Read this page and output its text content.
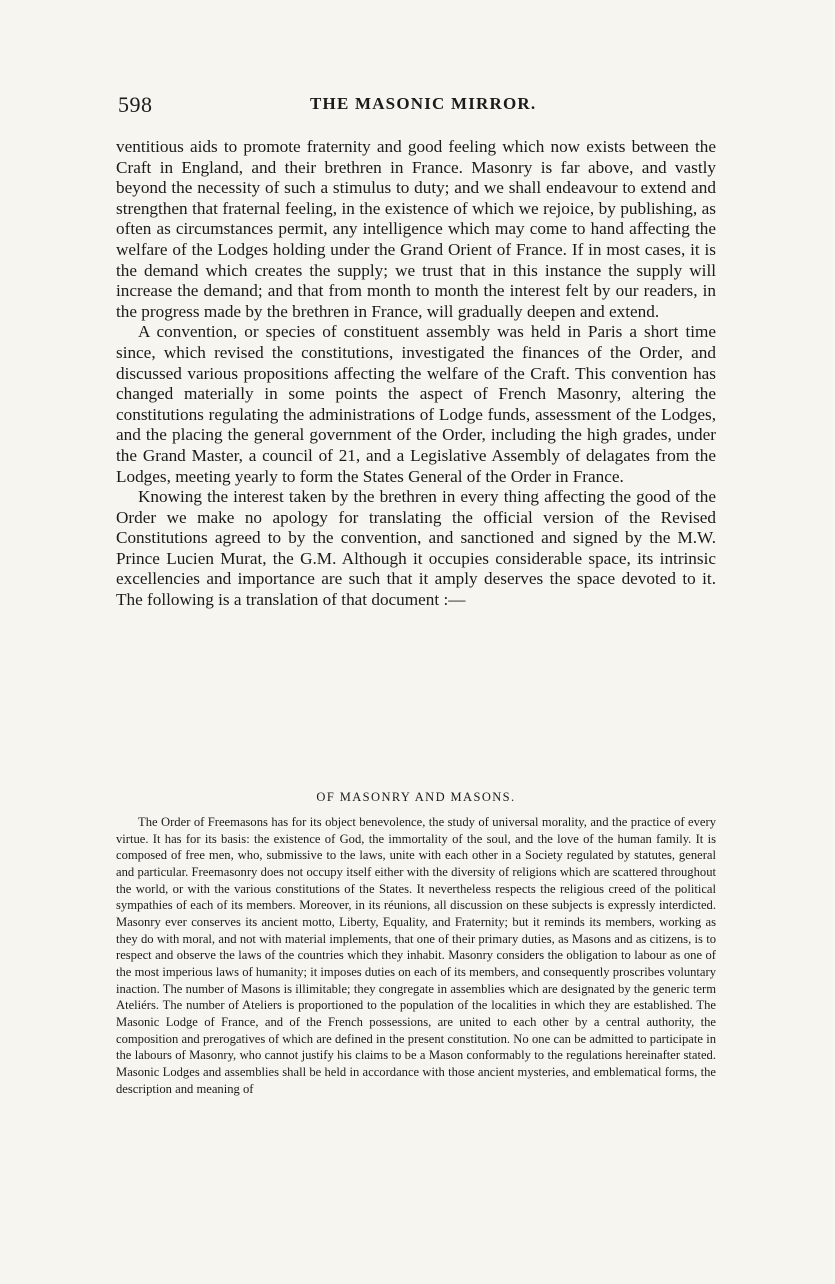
598	THE MASONIC MIRROR.

ventitious aids to promote fraternity and good feeling which now exists between the Craft in England, and their brethren in France. Masonry is far above, and vastly beyond the necessity of such a stimulus to duty; and we shall endeavour to extend and strengthen that fraternal feeling, in the existence of which we rejoice, by publishing, as often as circumstances permit, any intelligence which may come to hand affecting the welfare of the Lodges holding under the Grand Orient of France. If in most cases, it is the demand which creates the supply; we trust that in this instance the supply will increase the demand; and that from month to month the interest felt by our readers, in the progress made by the brethren in France, will gradually deepen and extend.

A convention, or species of constituent assembly was held in Paris a short time since, which revised the constitutions, investigated the finances of the Order, and discussed various propositions affecting the welfare of the Craft. This convention has changed materially in some points the aspect of French Masonry, altering the constitutions regulating the administrations of Lodge funds, assessment of the Lodges, and the placing the general government of the Order, including the high grades, under the Grand Master, a council of 21, and a Legislative Assembly of delagates from the Lodges, meeting yearly to form the States General of the Order in France.

Knowing the interest taken by the brethren in every thing affecting the good of the Order we make no apology for translating the official version of the Revised Constitutions agreed to by the convention, and sanctioned and signed by the M.W. Prince Lucien Murat, the G.M. Although it occupies considerable space, its intrinsic excellencies and importance are such that it amply deserves the space devoted to it. The following is a translation of that document :—

OF MASONRY AND MASONS.

The Order of Freemasons has for its object benevolence, the study of universal morality, and the practice of every virtue. It has for its basis: the existence of God, the immortality of the soul, and the love of the human family. It is composed of free men, who, submissive to the laws, unite with each other in a Society regulated by statutes, general and particular. Freemasonry does not occupy itself either with the diversity of religions which are scattered throughout the world, or with the various constitutions of the States. It nevertheless respects the religious creed of the political sympathies of each of its members. Moreover, in its réunions, all discussion on these subjects is expressly interdicted. Masonry ever conserves its ancient motto, Liberty, Equality, and Fraternity; but it reminds its members, working as they do with moral, and not with material implements, that one of their primary duties, as Masons and as citizens, is to respect and observe the laws of the countries which they inhabit. Masonry considers the obligation to labour as one of the most imperious laws of humanity; it imposes duties on each of its members, and consequently proscribes voluntary inaction. The number of Masons is illimitable; they congregate in assemblies which are designated by the generic term Ateliérs. The number of Ateliers is proportioned to the population of the localities in which they are established. The Masonic Lodge of France, and of the French possessions, are united to each other by a central authority, the composition and prerogatives of which are defined in the present constitution. No one can be admitted to participate in the labours of Masonry, who cannot justify his claims to be a Mason conformably to the regulations hereinafter stated. Masonic Lodges and assemblies shall be held in accordance with those ancient mysteries, and emblematical forms, the description and meaning of
